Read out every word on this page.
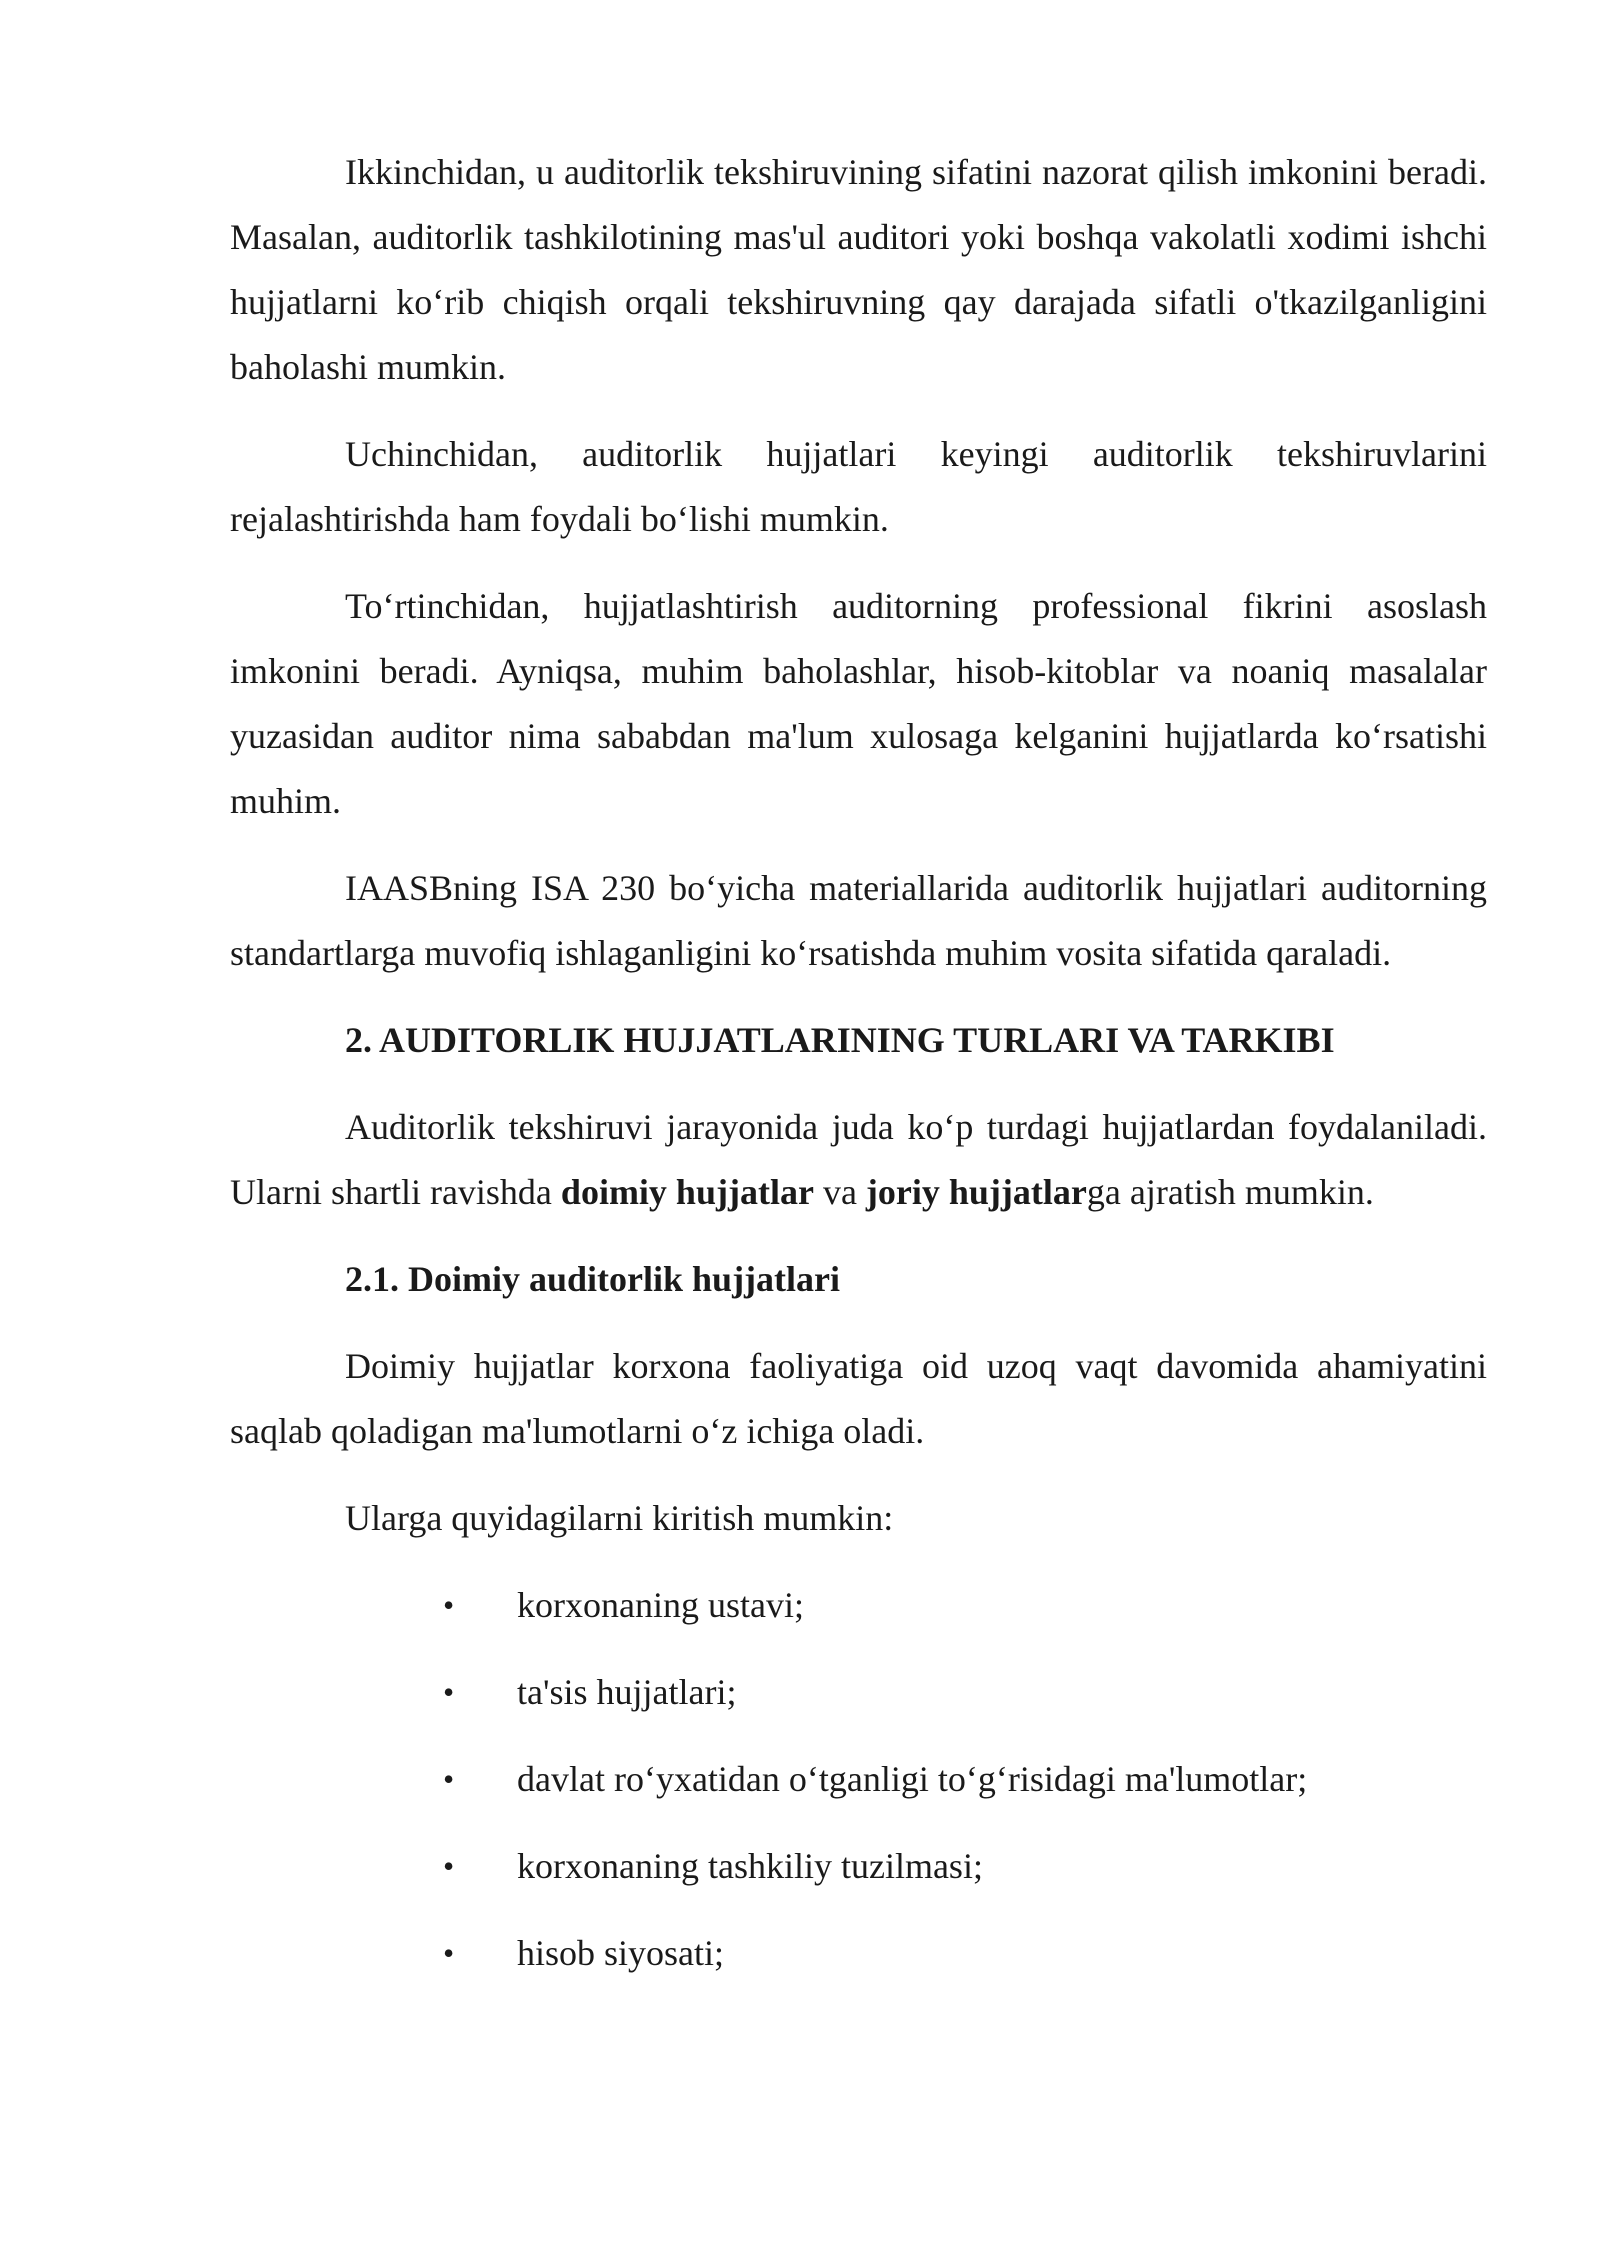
Ikkinchidan, u auditorlik tekshiruvining sifatini nazorat qilish imkonini beradi. Masalan, auditorlik tashkilotining mas'ul auditori yoki boshqa vakolatli xodimi ishchi hujjatlarni ko‘rib chiqish orqali tekshiruvning qay darajada sifatli o'tkazilganligini baholashi mumkin.

Uchinchidan, auditorlik hujjatlari keyingi auditorlik tekshiruvlarini rejalashtirishda ham foydali bo‘lishi mumkin.

To‘rtinchidan, hujjatlashtirish auditorning professional fikrini asoslash imkonini beradi. Ayniqsa, muhim baholashlar, hisob-kitoblar va noaniq masalalar yuzasidan auditor nima sababdan ma'lum xulosaga kelganini hujjatlarda ko‘rsatishi muhim.

IAASBning ISA 230 bo‘yicha materiallarida auditorlik hujjatlari auditorning standartlarga muvofiq ishlaganligini ko‘rsatishda muhim vosita sifatida qaraladi.

2. AUDITORLIK HUJJATLARINING TURLARI VA TARKIBI

Auditorlik tekshiruvi jarayonida juda ko‘p turdagi hujjatlardan foydalaniladi. Ularni shartli ravishda doimiy hujjatlar va joriy hujjatlarga ajratish mumkin.

2.1. Doimiy auditorlik hujjatlari

Doimiy hujjatlar korxona faoliyatiga oid uzoq vaqt davomida ahamiyatini saqlab qoladigan ma'lumotlarni o‘z ichiga oladi.

Ularga quyidagilarni kiritish mumkin:

• korxonaning ustavi;
• ta'sis hujjatlari;
• davlat ro‘yxatidan o‘tganligi to‘g‘risidagi ma'lumotlar;
• korxonaning tashkiliy tuzilmasi;
• hisob siyosati;
